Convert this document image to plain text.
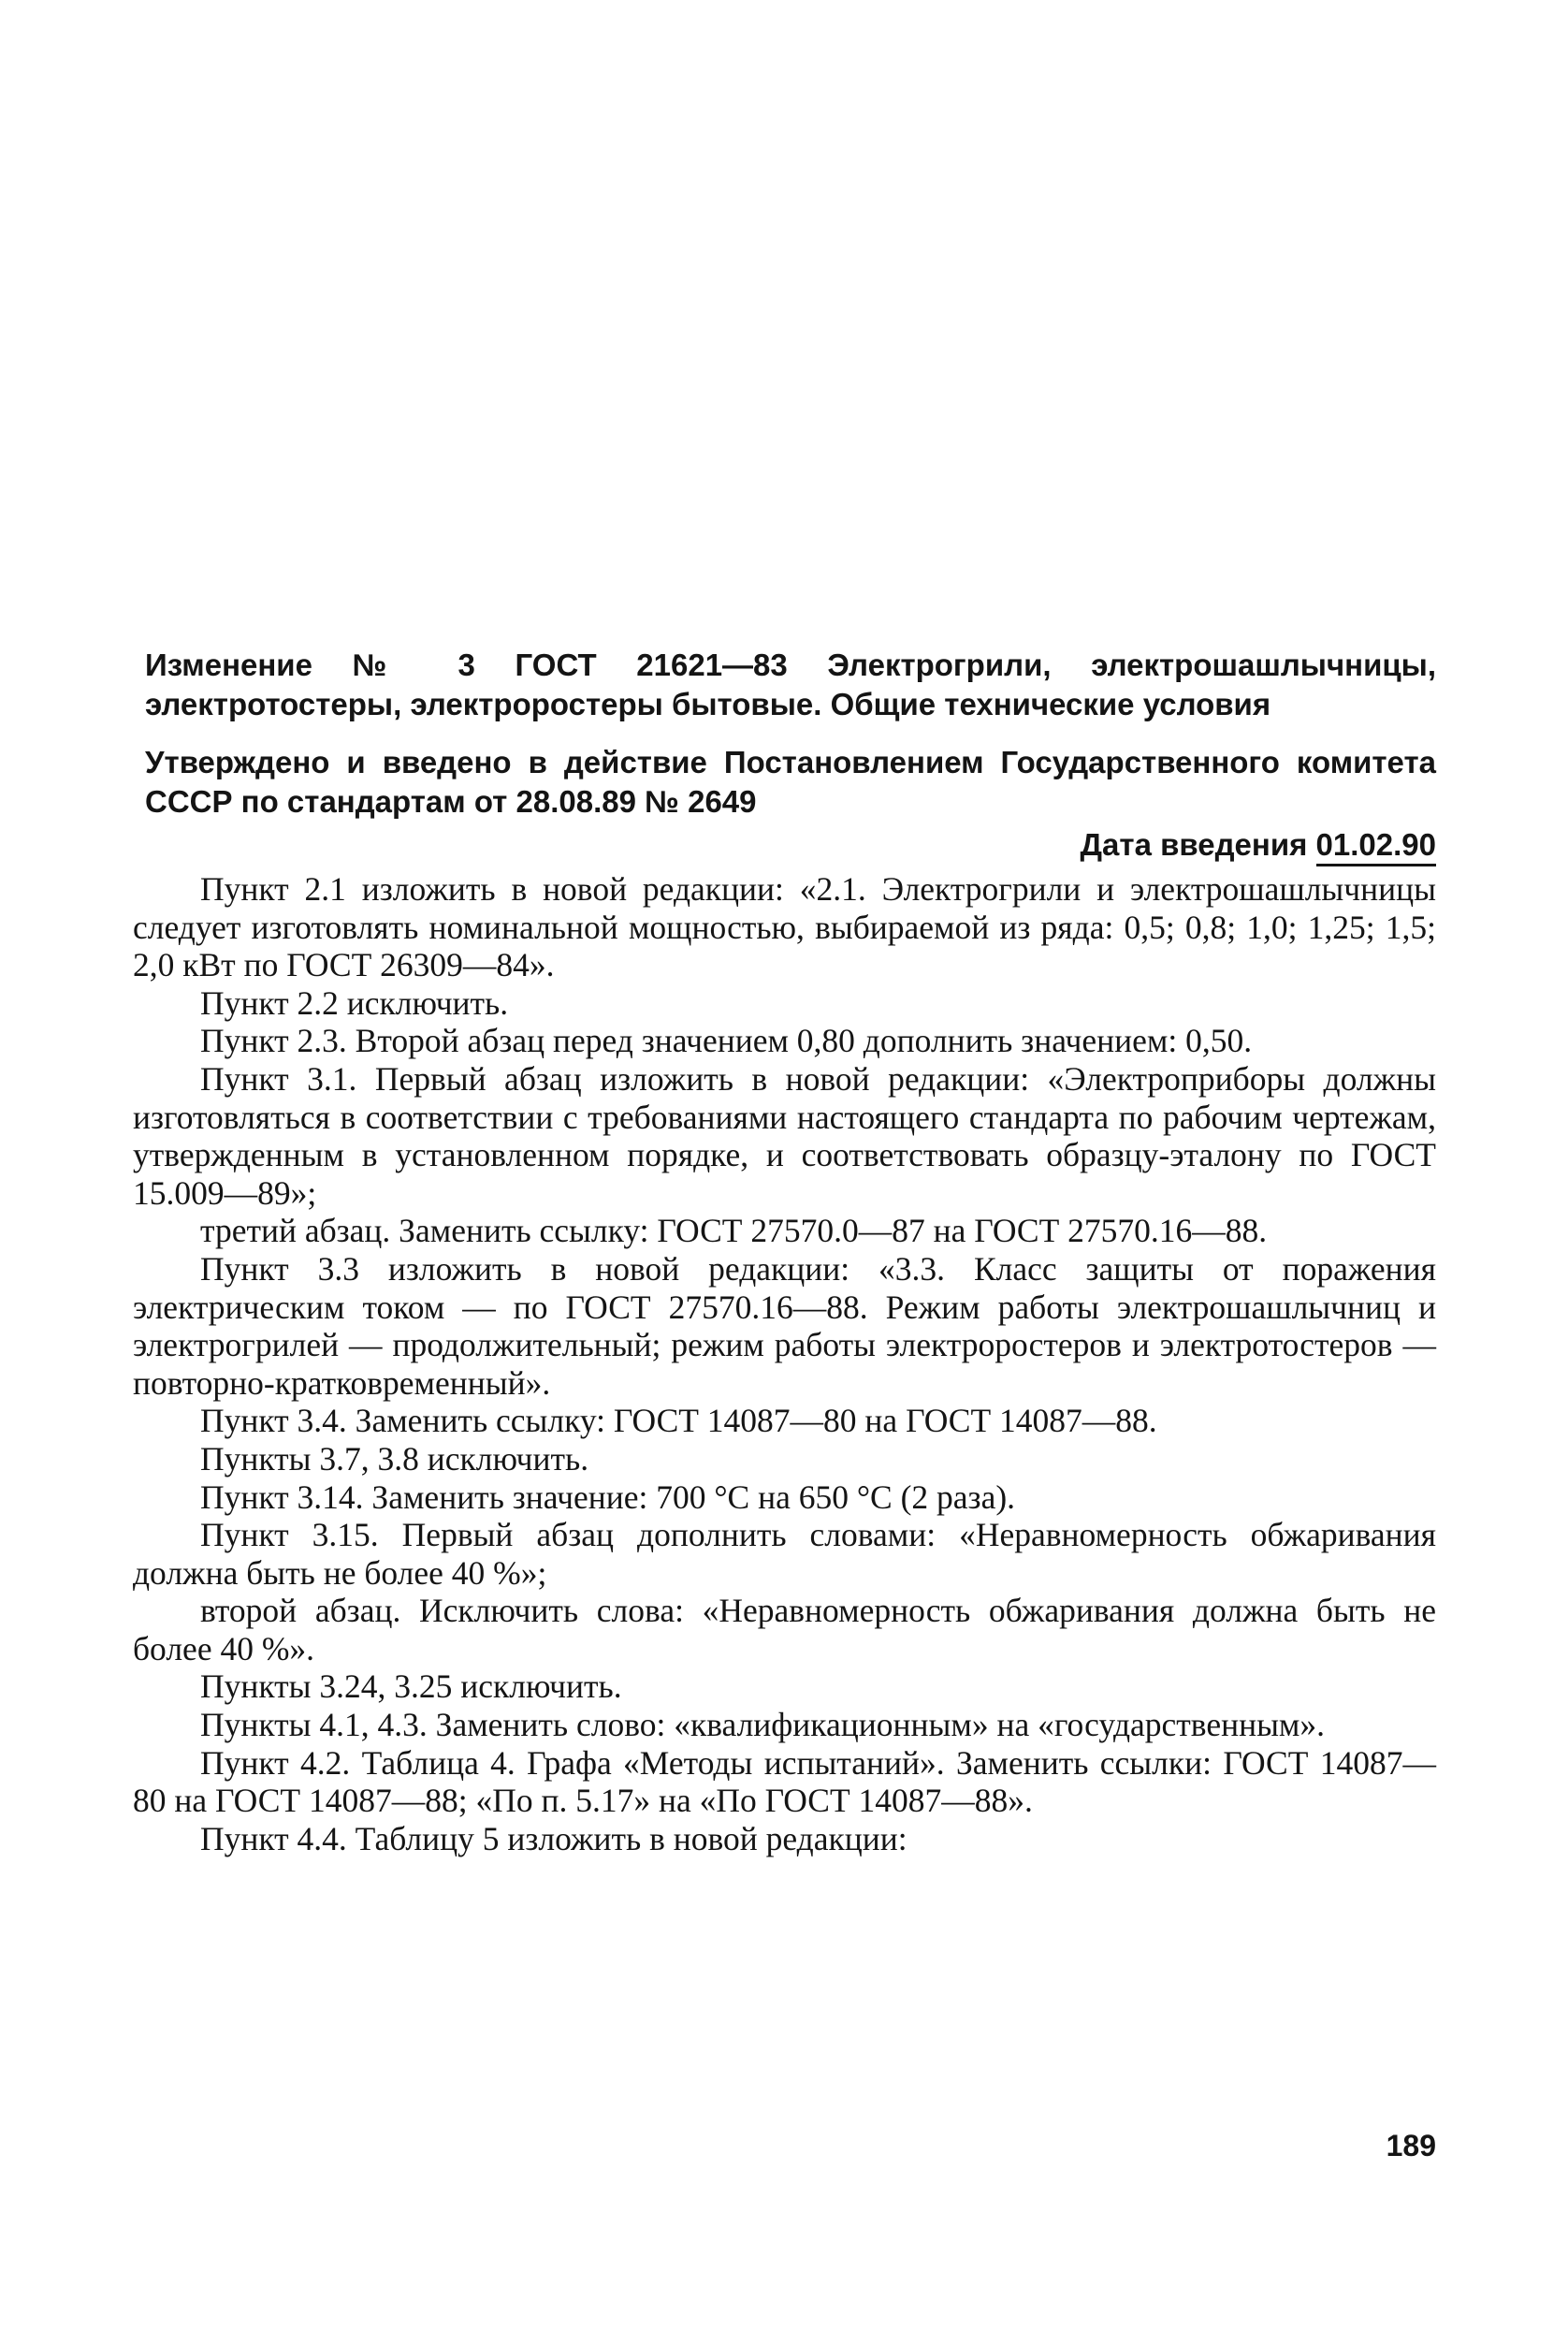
Изменение № 3 ГОСТ 21621—83 Электрогрили, электрошашлычницы, электротостеры, электроростеры бытовые. Общие технические условия

Утверждено и введено в действие Постановлением Государственного комитета СССР по стандартам от 28.08.89 № 2649

Дата введения 01.02.90

Пункт 2.1 изложить в новой редакции: «2.1. Электрогрили и электрошашлычницы следует изготовлять номинальной мощностью, выбираемой из ряда: 0,5; 0,8; 1,0; 1,25; 1,5; 2,0 кВт по ГОСТ 26309—84».

Пункт 2.2 исключить.

Пункт 2.3. Второй абзац перед значением 0,80 дополнить значением: 0,50.

Пункт 3.1. Первый абзац изложить в новой редакции: «Электроприборы должны изготовляться в соответствии с требованиями настоящего стандарта по рабочим чертежам, утвержденным в установленном порядке, и соответствовать образцу-эталону по ГОСТ 15.009—89»;

третий абзац. Заменить ссылку: ГОСТ 27570.0—87 на ГОСТ 27570.16—88.

Пункт 3.3 изложить в новой редакции: «3.3. Класс защиты от поражения электрическим током — по ГОСТ 27570.16—88. Режим работы электрошашлычниц и электрогрилей — продолжительный; режим работы электроростеров и электротостеров — повторно-кратковременный».

Пункт 3.4. Заменить ссылку: ГОСТ 14087—80 на ГОСТ 14087—88.

Пункты 3.7, 3.8 исключить.

Пункт 3.14. Заменить значение: 700 °С на 650 °С (2 раза).

Пункт 3.15. Первый абзац дополнить словами: «Неравномерность обжаривания должна быть не более 40 %»;

второй абзац. Исключить слова: «Неравномерность обжаривания должна быть не более 40 %».

Пункты 3.24, 3.25 исключить.

Пункты 4.1, 4.3. Заменить слово: «квалификационным» на «государственным».

Пункт 4.2. Таблица 4. Графа «Методы испытаний». Заменить ссылки: ГОСТ 14087—80 на ГОСТ 14087—88; «По п. 5.17» на «По ГОСТ 14087—88».

Пункт 4.4. Таблицу 5 изложить в новой редакции:

189
